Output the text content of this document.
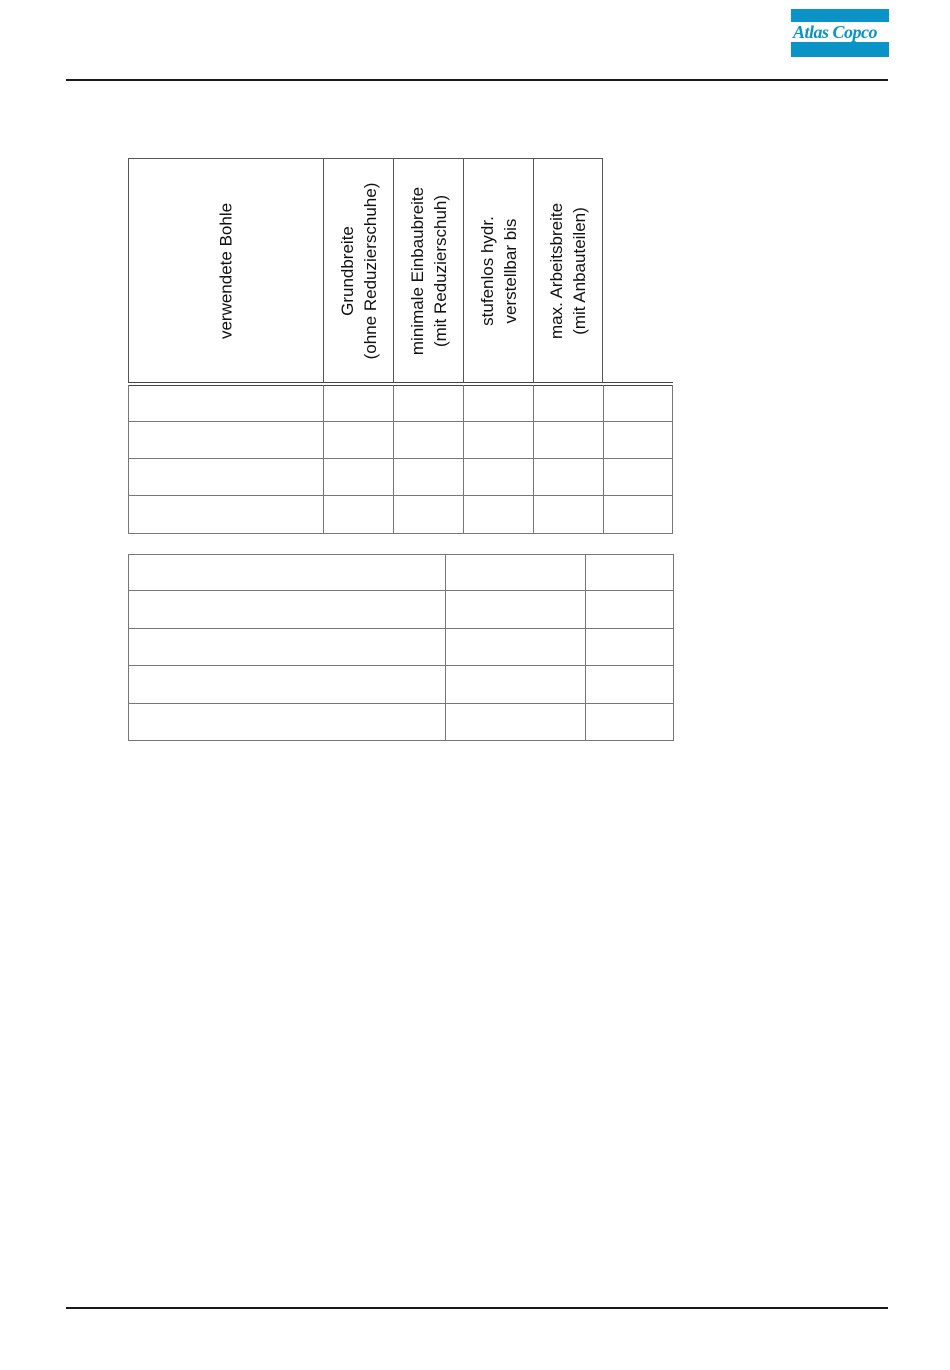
Atlas Copco
verwendete Bohle	Grundbreite (ohne Reduzierschuhe) minimale Einbaubreite (mit Reduzierschuh) stufenlos hydr. verstellbar bis max. Arbeitsbreite (mit Anbauteilen)
